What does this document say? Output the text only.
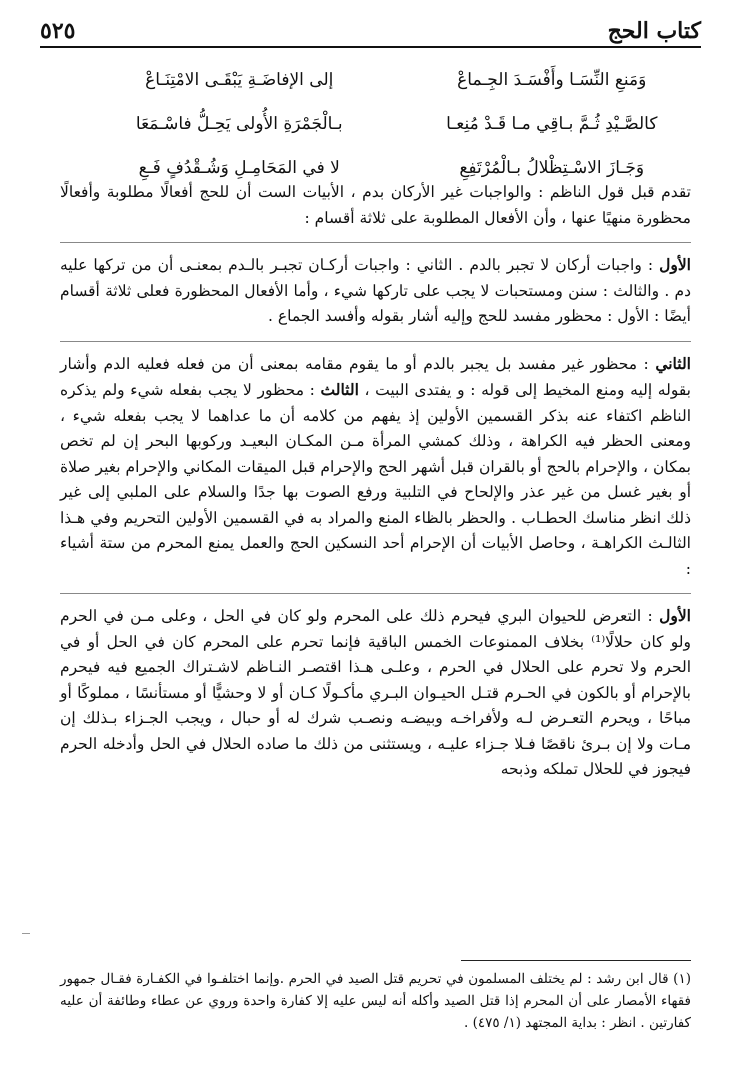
كتاب الحج
٥٢٥
وَمَنعِ النِّسَـا وأَفْسَـدَ الجِـماعْ
إلى الإفاضَـةِ يَبْقَـى الامْتِنَـاعْ
كالصَّـيْدِ ثُـمَّ بـاقِي مـا قَـدْ مُنِعـا
بـالْجَمْرَةِ الأُولى يَحِـلُّ فاسْـمَعَا
وَجَـازَ الاسْـتِظْلالُ بـالْمُرْتَفِعِ
لا في المَحَامِـلِ وَشُـقْدُفٍ فَـعِ

تقدم قبل قول الناظم : والواجبات غير الأركان بدم ، الأبيات الست أن للحج أفعالًا مطلوبة وأفعالًا محظورة منهيًا عنها ، وأن الأفعال المطلوبة على ثلاثة أقسام :

الأول : واجبات أركان لا تجبر بالدم . الثاني : واجبات أركـان تجبـر بالـدم بمعنـى أن من تركها عليه دم . والثالث : سنن ومستحبات لا يجب على تاركها شيء ، وأما الأفعال المحظورة فعلى ثلاثة أقسام أيضًا : الأول : محظور مفسد للحج وإليه أشار بقوله وأفسد الجماع .

الثاني : محظور غير مفسد بل يجبر بالدم أو ما يقوم مقامه بمعنى أن من فعله فعليه الدم وأشار بقوله إليه ومنع المخيط إلى قوله : و يفتدى البيت ، الثالث : محظور لا يجب بفعله شيء ولم يذكره الناظم اكتفاء عنه بذكر القسمين الأولين إذ يفهم من كلامه أن ما عداهما لا يجب بفعله شيء ، ومعنى الحظر فيه الكراهة ، وذلك كمشي المرأة مـن المكـان البعيـد وركوبها البحر إن لم تخص بمكان ، والإحرام بالحج أو بالقران قبل أشهر الحج والإحرام قبل الميقات المكاني والإحرام بغير صلاة أو بغير غسل من غير عذر والإلحاح في التلبية ورفع الصوت بها جدًا والسلام على الملبي إلى غير ذلك انظر مناسك الحطـاب . والحظر بالظاء المنع والمراد به في القسمين الأولين التحريم وفي هـذا الثالـث الكراهـة ، وحاصل الأبيات أن الإحرام أحد النسكين الحج والعمل يمنع المحرم من ستة أشياء :

الأول : التعرض للحيوان البري فيحرم ذلك على المحرم ولو كان في الحل ، وعلى مـن في الحرم ولو كان حلالًا⁽¹⁾ بخلاف الممنوعات الخمس الباقية فإنما تحرم على المحرم كان في الحل أو في الحرم ولا تحرم على الحلال في الحرم ، وعلـى هـذا اقتصـر النـاظم لاشـتراك الجميع فيه فيحرم بالإحرام أو بالكون في الحـرم قتـل الحيـوان البـري مأكـولًا كـان أو لا وحشيًّا أو مستأنسًا ، مملوكًا أو مباحًا ، ويحرم التعـرض لـه ولأفراخـه وبيضـه ونصـب شرك له أو حبال ، ويجب الجـزاء بـذلك إن مـات ولا إن بـرئ ناقصًا فـلا جـزاء عليـه ، ويستثنى من ذلك ما صاده الحلال في الحل وأدخله الحرم فيجوز في للحلال تملكه وذبحه

(١) قال ابن رشد : لم يختلف المسلمون في تحريم قتل الصيد في الحرم .وإنما اختلفـوا في الكفـارة فقـال جمهور فقهاء الأمصار على أن المحرم إذا قتل الصيد وأكله أنه ليس عليه إلا كفارة واحدة وروي عن عطاء وطائفة أن عليه كفارتين . انظر : بداية المجتهد (١/ ٤٧٥) .
